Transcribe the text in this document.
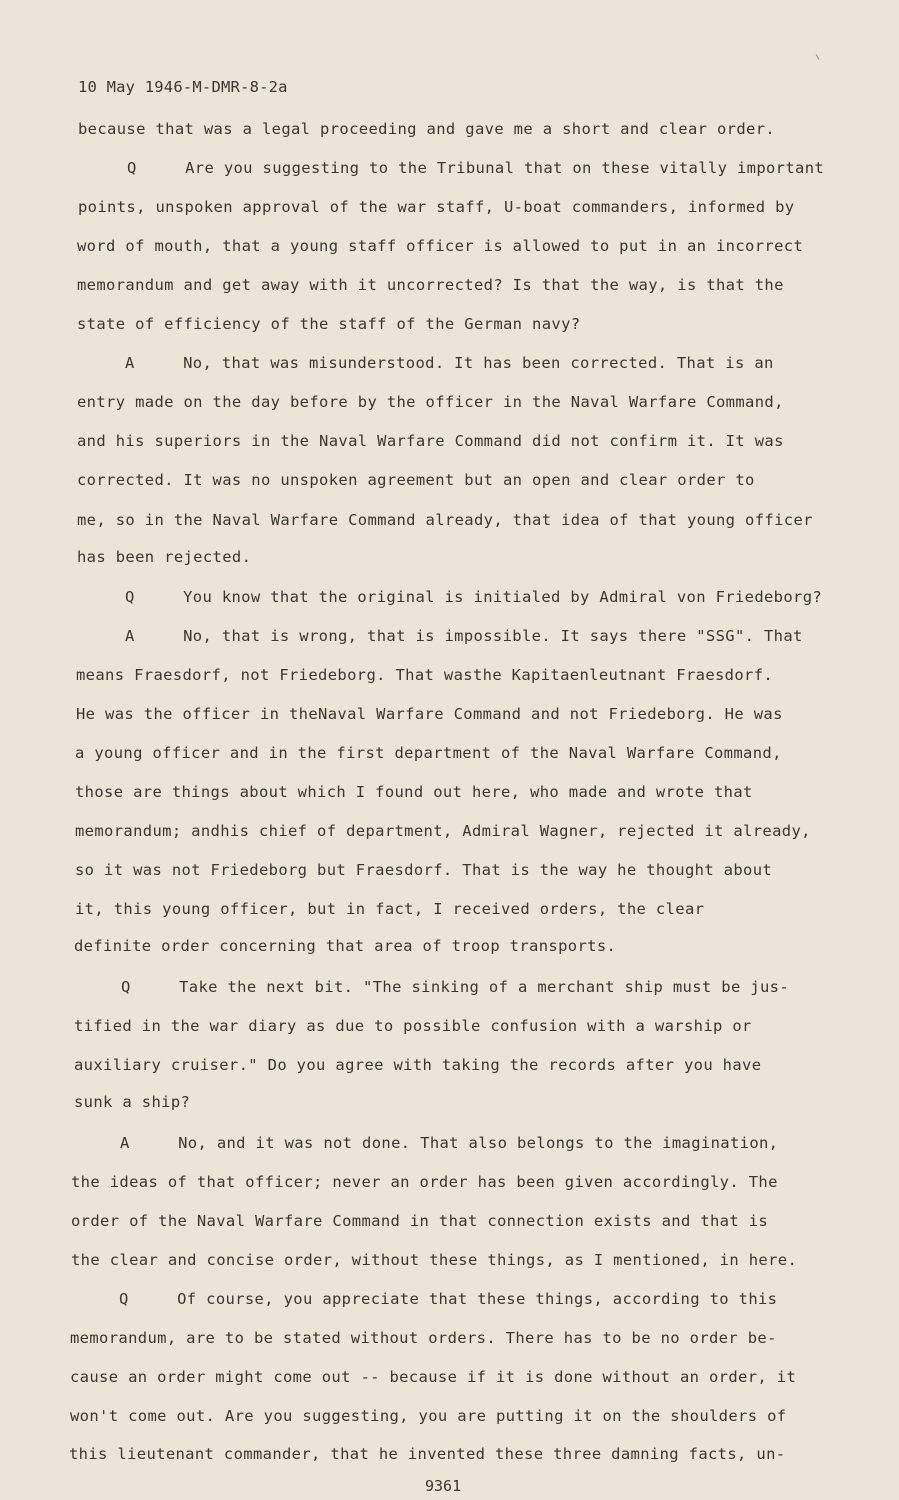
10 May 1946-M-DMR-8-2a
because that was a legal proceeding and gave me a short and clear order.
Q     Are you suggesting to the Tribunal that on these vitally important
points, unspoken approval of the war staff, U-boat commanders, informed by
word of mouth, that a young staff officer is allowed to put in an incorrect
memorandum and get away with it uncorrected? Is that the way, is that the
state of efficiency of the staff of the German navy?
A     No, that was misunderstood. It has been corrected. That is an
entry made on the day before by the officer in the Naval Warfare Command,
and his superiors in the Naval Warfare Command did not confirm it. It was
corrected. It was no unspoken agreement but an open and clear order to
me, so in the Naval Warfare Command already, that idea of that young officer
has been rejected.
Q     You know that the original is initialed by Admiral von Friedeborg?
A     No, that is wrong, that is impossible. It says there "SSG". That
means Fraesdorf, not Friedeborg. That wasthe Kapitaenleutnant Fraesdorf.
He was the officer in theNaval Warfare Command and not Friedeborg. He was
a young officer and in the first department of the Naval Warfare Command,
those are things about which I found out here, who made and wrote that
memorandum; andhis chief of department, Admiral Wagner, rejected it already,
so it was not Friedeborg but Fraesdorf. That is the way he thought about
it, this young officer, but in fact, I received orders, the clear
definite order concerning that area of troop transports.
Q     Take the next bit. "The sinking of a merchant ship must be jus-
tified in the war diary as due to possible confusion with a warship or
auxiliary cruiser." Do you agree with taking the records after you have
sunk a ship?
A     No, and it was not done. That also belongs to the imagination,
the ideas of that officer; never an order has been given accordingly. The
order of the Naval Warfare Command in that connection exists and that is
the clear and concise order, without these things, as I mentioned, in here.
Q     Of course, you appreciate that these things, according to this
memorandum, are to be stated without orders. There has to be no order be-
cause an order might come out -- because if it is done without an order, it
won't come out. Are you suggesting, you are putting it on the shoulders of
this lieutenant commander, that he invented these three damning facts, un-
9361
